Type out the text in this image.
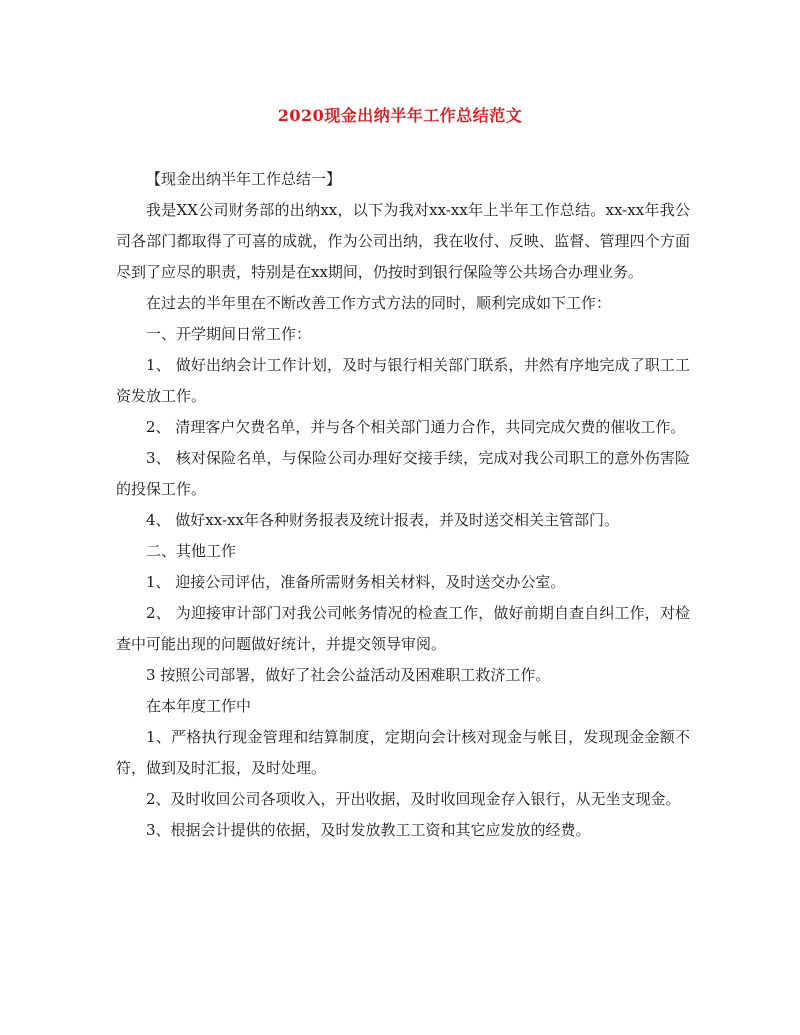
2020现金出纳半年工作总结范文

【现金出纳半年工作总结一】

我是XX公司财务部的出纳xx，以下为我对xx-xx年上半年工作总结。xx-xx年我公司各部门都取得了可喜的成就，作为公司出纳，我在收付、反映、监督、管理四个方面尽到了应尽的职责，特别是在xx期间，仍按时到银行保险等公共场合办理业务。

在过去的半年里在不断改善工作方式方法的同时，顺利完成如下工作：

一、开学期间日常工作：

1、 做好出纳会计工作计划，及时与银行相关部门联系，井然有序地完成了职工工资发放工作。

2、 清理客户欠费名单，并与各个相关部门通力合作，共同完成欠费的催收工作。

3、 核对保险名单，与保险公司办理好交接手续，完成对我公司职工的意外伤害险的投保工作。

4、 做好xx-xx年各种财务报表及统计报表，并及时送交相关主管部门。

二、其他工作

1、 迎接公司评估，准备所需财务相关材料，及时送交办公室。

2、 为迎接审计部门对我公司帐务情况的检查工作，做好前期自查自纠工作，对检查中可能出现的问题做好统计，并提交领导审阅。

3 按照公司部署，做好了社会公益活动及困难职工救济工作。

在本年度工作中

1、严格执行现金管理和结算制度，定期向会计核对现金与帐目，发现现金金额不符，做到及时汇报，及时处理。

2、及时收回公司各项收入，开出收据，及时收回现金存入银行，从无坐支现金。

3、根据会计提供的依据，及时发放教工工资和其它应发放的经费。
